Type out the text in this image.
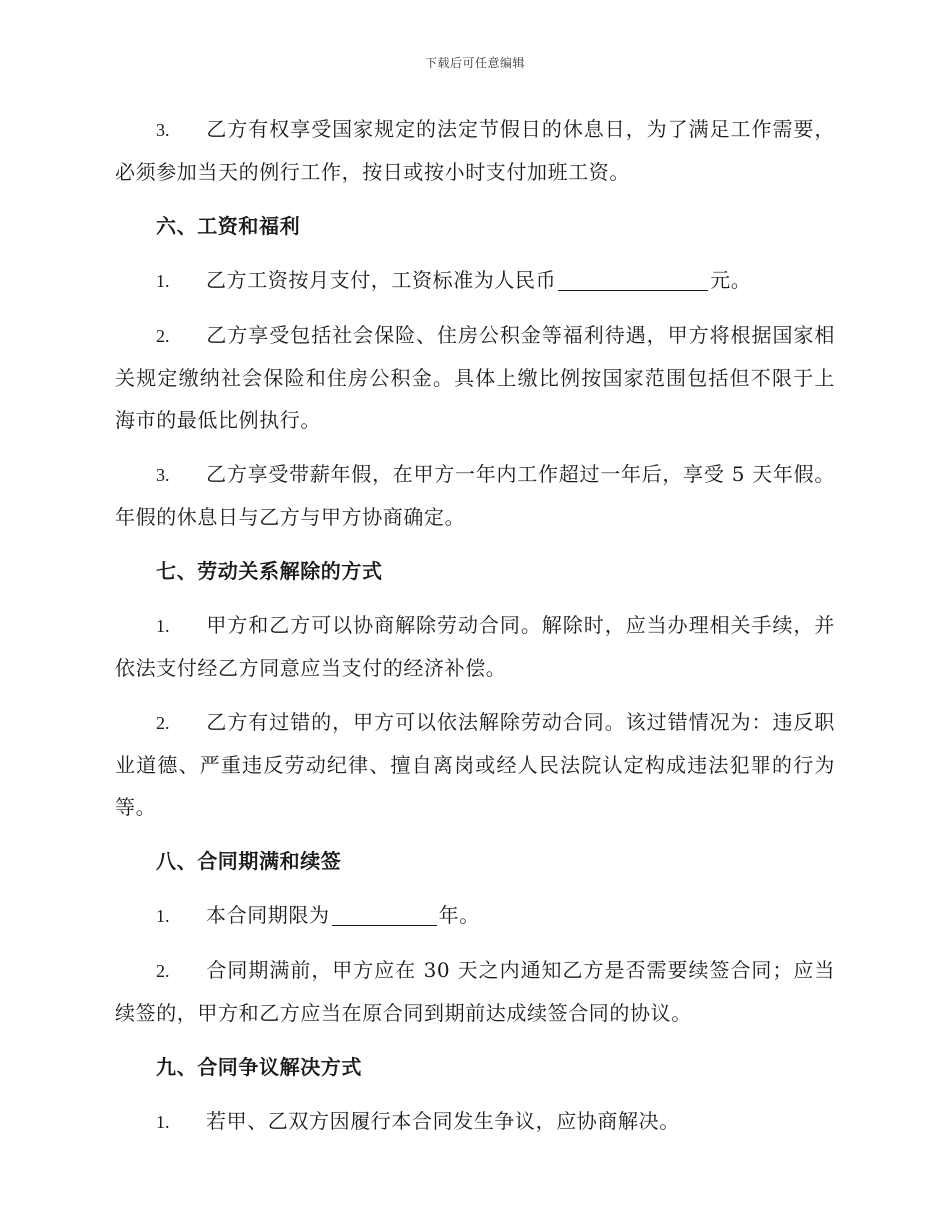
下载后可任意编辑

3. 乙方有权享受国家规定的法定节假日的休息日，为了满足工作需要，必须参加当天的例行工作，按日或按小时支付加班工资。

六、工资和福利

1. 乙方工资按月支付，工资标准为人民币	元。

2. 乙方享受包括社会保险、住房公积金等福利待遇，甲方将根据国家相关规定缴纳社会保险和住房公积金。具体上缴比例按国家范围包括但不限于上海市的最低比例执行。

3. 乙方享受带薪年假，在甲方一年内工作超过一年后，享受 5 天年假。年假的休息日与乙方与甲方协商确定。

七、劳动关系解除的方式

1. 甲方和乙方可以协商解除劳动合同。解除时，应当办理相关手续，并依法支付经乙方同意应当支付的经济补偿。

2. 乙方有过错的，甲方可以依法解除劳动合同。该过错情况为：违反职业道德、严重违反劳动纪律、擅自离岗或经人民法院认定构成违法犯罪的行为等。

八、合同期满和续签

1. 本合同期限为	年。

2. 合同期满前，甲方应在 30 天之内通知乙方是否需要续签合同；应当续签的，甲方和乙方应当在原合同到期前达成续签合同的协议。

九、合同争议解决方式

1. 若甲、乙双方因履行本合同发生争议，应协商解决。
